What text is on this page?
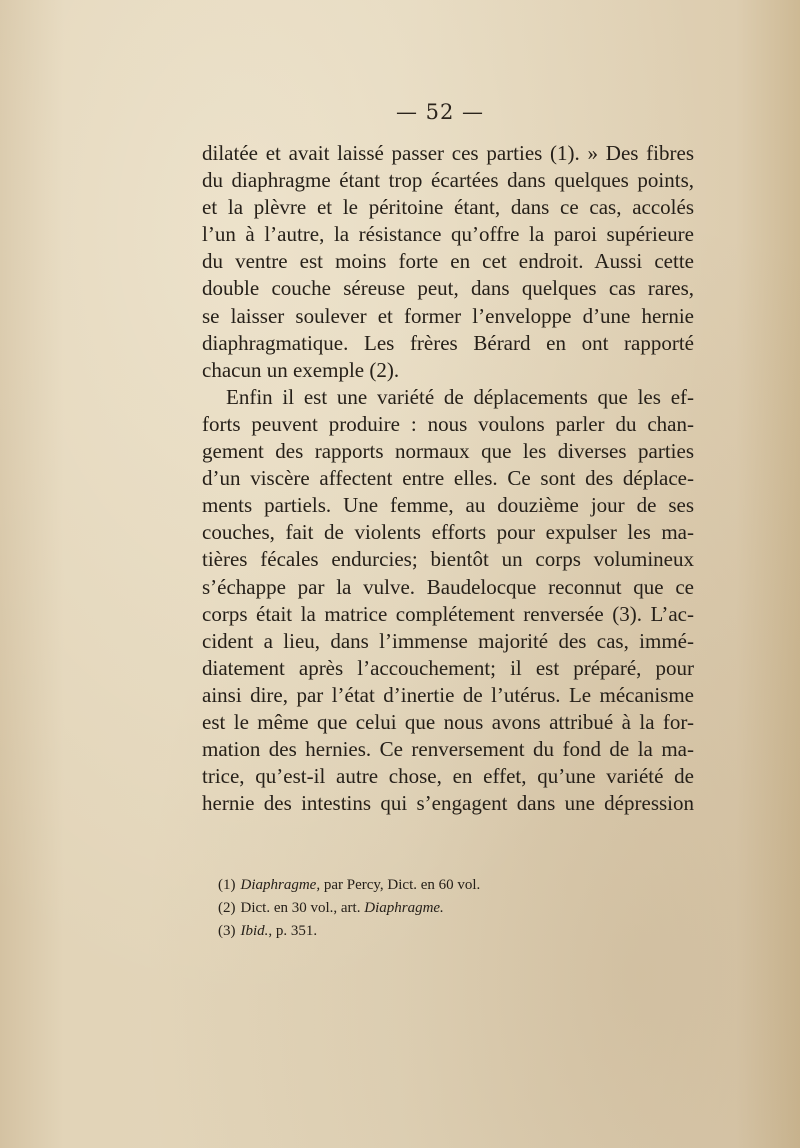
— 52 —
dilatée et avait laissé passer ces parties (1). » Des fibres
du diaphragme étant trop écartées dans quelques points,
et la plèvre et le péritoine étant, dans ce cas, accolés
l’un à l’autre, la résistance qu’offre la paroi supérieure
du ventre est moins forte en cet endroit. Aussi cette
double couche séreuse peut, dans quelques cas rares,
se laisser soulever et former l’enveloppe d’une hernie
diaphragmatique. Les frères Bérard en ont rapporté
chacun un exemple (2).
Enfin il est une variété de déplacements que les ef-
forts peuvent produire : nous voulons parler du chan-
gement des rapports normaux que les diverses parties
d’un viscère affectent entre elles. Ce sont des déplace-
ments partiels. Une femme, au douzième jour de ses
couches, fait de violents efforts pour expulser les ma-
tières fécales endurcies; bientôt un corps volumineux
s’échappe par la vulve. Baudelocque reconnut que ce
corps était la matrice complétement renversée (3). L’ac-
cident a lieu, dans l’immense majorité des cas, immé-
diatement après l’accouchement; il est préparé, pour
ainsi dire, par l’état d’inertie de l’utérus. Le mécanisme
est le même que celui que nous avons attribué à la for-
mation des hernies. Ce renversement du fond de la ma-
trice, qu’est-il autre chose, en effet, qu’une variété de
hernie des intestins qui s’engagent dans une dépression
(1) Diaphragme, par Percy, Dict. en 60 vol.
(2) Dict. en 30 vol., art. Diaphragme.
(3) Ibid., p. 351.
